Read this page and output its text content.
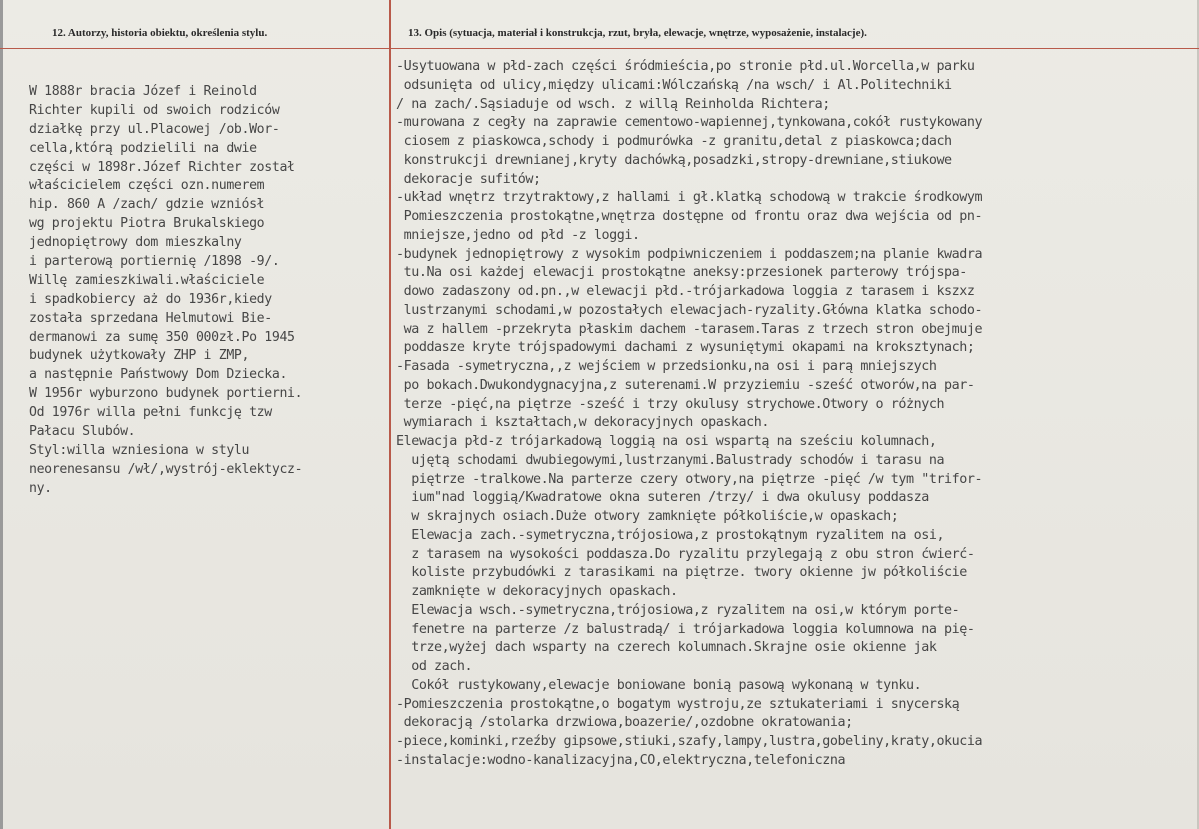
12. Autorzy, historia obiektu, określenia stylu.	13. Opis (sytuacja, materiał i konstrukcja, rzut, bryła, elewacje, wnętrze, wyposażenie, instalacje).
W 1888r bracia Józef i Reinold
Richter kupili od swoich rodziców
działkę przy ul.Placowej /ob.Wor-
cella,którą podzielili na dwie
części w 1898r.Józef Richter został
właścicielem części ozn.numerem
hip. 860 A /zach/ gdzie wzniósł
wg projektu Piotra Brukalskiego
jednopiętrowy dom mieszkalny
i parterową portiernię /1898 -9/.
Willę zamieszkiwali.właściciele
i spadkobiercy aż do 1936r,kiedy
została sprzedana Helmutowi Bie-
dermanowi za sumę 350 000zł.Po 1945
budynek użytkowały ZHP i ZMP,
a następnie Państwowy Dom Dziecka.
W 1956r wyburzono budynek portierni.
Od 1976r willa pełni funkcję tzw
Pałacu Slubów.
Styl:willa wzniesiona w stylu
neorenesansu /wł/,wystrój-eklektycz-
ny.
-Usytuowana w płd-zach części śródmieścia,po stronie płd.ul.Worcella,w parku
odsunięta od ulicy,między ulicami:Wólczańską /na wsch/ i Al.Politechniki
/ na zach/.Sąsiaduje od wsch. z willą Reinholda Richtera;
-murowana z cegły na zaprawie cementowo-wapiennej,tynkowana,cokół rustykowany
ciosem z piaskowca,schody i podmurówka -z granitu,detal z piaskowca;dach
konstrukcji drewnianej,kryty dachówką,posadzki,stropy-drewniane,stiukowe
dekoracje sufitów;
-układ wnętrz trzytraktowy,z hallami i gł.klatką schodową w trakcie środkowym
Pomieszczenia prostokątne,wnętrza dostępne od frontu oraz dwa wejścia od pn-
mniejsze,jedno od płd -z loggi.
-budynek jednopiętrowy z wysokim podpiwniczeniem i poddaszem;na planie kwadra
tu.Na osi każdej elewacji prostokątne aneksy:przesionek parterowy trójspa-
dowo zadaszony od.pn.,w elewacji płd.-trójarkadowa loggia z tarasem i kszxz
lustrzanymi schodami,w pozostałych elewacjach-ryzality.Główna klatka schodo-
wa z hallem -przekryta płaskim dachem -tarasem.Taras z trzech stron obejmuje
poddasze kryte trójspadowymi dachami z wysuniętymi okapami na kroksztynach;
-Fasada -symetryczna,,z wejściem w przedsionku,na osi i parą mniejszych
po bokach.Dwukondygnacyjna,z suterenami.W przyziemiu -sześć otworów,na par-
terze -pięć,na piętrze -sześć i trzy okulusy strychowe.Otwory o różnych
wymiarach i kształtach,w dekoracyjnych opaskach.
Elewacja płd-z trójarkadową loggią na osi wspartą na sześciu kolumnach,
ujętą schodami dwubiegowymi,lustrzanymi.Balustrady schodów i tarasu na
piętrze -tralkowe.Na parterze czery otwory,na piętrze -pięć /w tym "trifor-
ium"nad loggią/Kwadratowe okna suteren /trzy/ i dwa okulusy poddasza
w skrajnych osiach.Duże otwory zamknięte półkoliście,w opaskach;
Elewacja zach.-symetryczna,trójosiowa,z prostokątnym ryzalitem na osi,
z tarasem na wysokości poddasza.Do ryzalitu przylegają z obu stron ćwierć-
koliste przybudówki z tarasikami na piętrze. twory okienne jw półkoliście
zamknięte w dekoracyjnych opaskach.
Elewacja wsch.-symetryczna,trójosiowa,z ryzalitem na osi,w którym porte-
fenetre na parterze /z balustradą/ i trójarkadowa loggia kolumnowa na pię-
trze,wyżej dach wsparty na czerech kolumnach.Skrajne osie okienne jak
od zach.
Cokół rustykowany,elewacje boniowane bonią pasową wykonaną w tynku.
-Pomieszczenia prostokątne,o bogatym wystroju,ze sztukateriami i snycerską
dekoracją /stolarka drzwiowa,boazerie/,ozdobne okratowania;
-piece,kominki,rzeźby gipsowe,stiuki,szafy,lampy,lustra,gobeliny,kraty,okucia
-instalacje:wodno-kanalizacyjna,CO,elektryczna,telefoniczna
